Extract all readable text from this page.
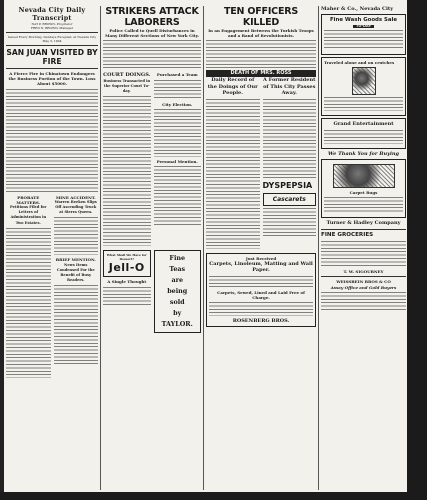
Nevada City Daily Transcript
NAT P. BROWN, Proprietor
FRED N. BROWN, Manager
Issued Every Morning, Sundays Excepted, at Nevada City
May 3, 1904
SAN JUAN VISITED BY FIRE
A Fierce Fire in Chinatown Endangers the Business Portion of the Town. Loss About $5000.
PROBATE MATTERS.
Petitions Filed for Letters of Administration in Two Estates.
MINE ACCIDENT.
Warren Reeken Slips Off Ascending Truck at Sierra Queen.
BRIEF MENTION.
News Items Condensed For the Benefit of Busy Readers.
STRIKERS ATTACK LABORERS
Police Called to Quell Disturbances in Many Different Sections of New York City.
COURT DOINGS.
Business Transacted in the Superior Court To-day.
Purchased a Team
City Election.
Personal Mention.
What Shall We Have for Dessert?
Jell-O
A Single Thought
Fine
Teas
are
being
sold
by
TAYLOR.
TEN OFFICERS KILLED
In an Engagement Between the Turkish Troops and a Band of Revolutionists.
DEATH OF MRS. ROSS
Daily Record of the Doings of Our People.
A Former Resident of This City Passes Away.
DYSPEPSIA
Cascarets
Just Received
Carpets, Linoleum, Matting and Wall Paper.
Carpets, Sewed, Lined and Laid Free of Charge.
ROSENBERG BROS.
Maher & Co., Nevada City
Fine Wash Goods Sale
TO-DAY
Traveled alone and on crutches
Grand Entertainment
We Thank You for Buying
Carpet Rugs
Turner & Hadley Company
FINE GROCERIES
T. W. SIGOURNEY
WEISSBEIN BROS & CO
Assay Office and Gold Buyers
